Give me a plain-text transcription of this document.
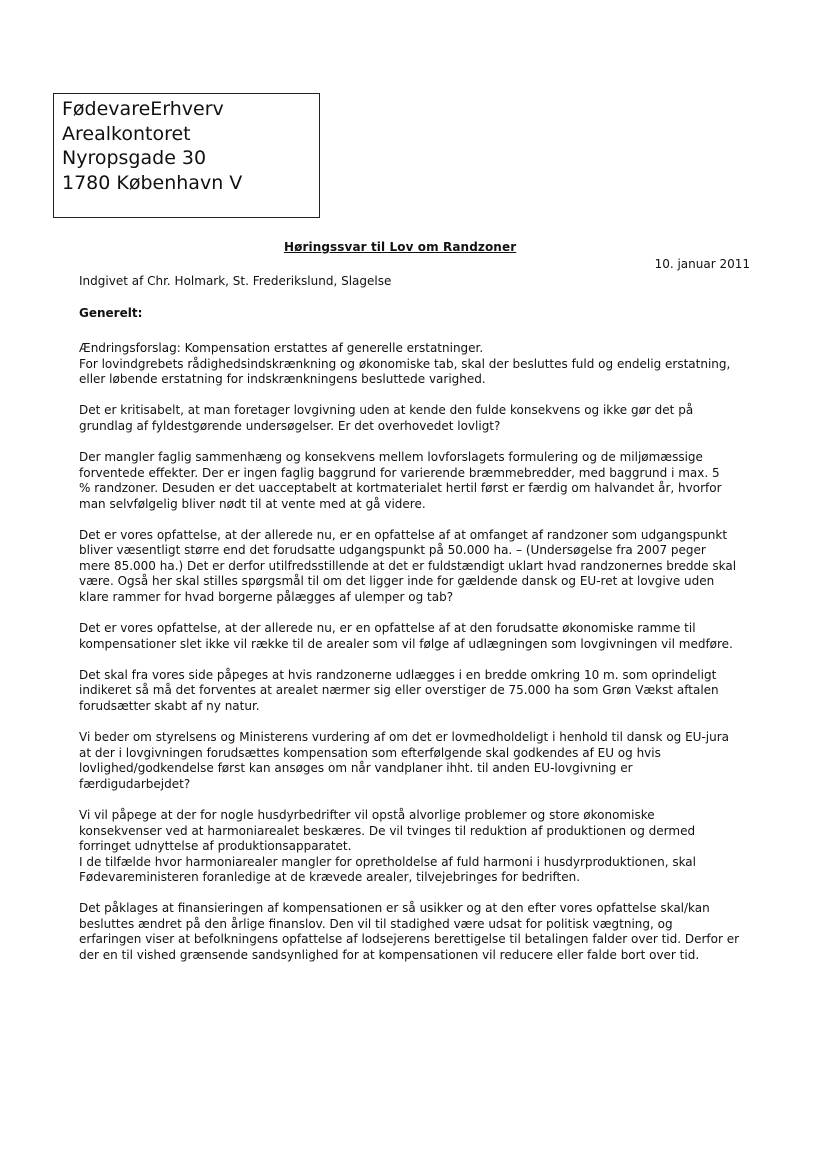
FødevareErhverv
Arealkontoret
Nyropsgade 30
1780 København V
Høringssvar til Lov om Randzoner
10. januar 2011
Indgivet af Chr. Holmark, St. Frederikslund, Slagelse
Generelt:
Ændringsforslag: Kompensation erstattes af generelle erstatninger.
For lovindgrebets rådighedsindskrænkning og økonomiske tab, skal der besluttes fuld og endelig erstatning,
eller løbende erstatning for indskrænkningens besluttede varighed.
Det er kritisabelt, at man foretager lovgivning uden at kende den fulde konsekvens og ikke gør det på
grundlag af fyldestgørende undersøgelser. Er det overhovedet lovligt?
Der mangler faglig sammenhæng og konsekvens mellem lovforslagets formulering og de miljømæssige
forventede effekter. Der er ingen faglig baggrund for varierende bræmmebredder, med baggrund i max. 5
% randzoner. Desuden er det uacceptabelt at kortmaterialet hertil først er færdig om halvandet år, hvorfor
man selvfølgelig bliver nødt til at vente med at gå videre.
Det er vores opfattelse, at der allerede nu, er en opfattelse af at omfanget af randzoner som udgangspunkt
bliver væsentligt større end det forudsatte udgangspunkt på 50.000 ha. – (Undersøgelse fra 2007 peger
mere 85.000 ha.) Det er derfor utilfredsstillende at det er fuldstændigt uklart hvad randzonernes bredde skal
være. Også her skal stilles spørgsmål til om det ligger inde for gældende dansk og EU-ret at lovgive uden
klare rammer for hvad borgerne pålægges af ulemper og tab?
Det er vores opfattelse, at der allerede nu, er en opfattelse af at den forudsatte økonomiske ramme til
kompensationer slet ikke vil række til de arealer som vil følge af udlægningen som lovgivningen vil medføre.
Det skal fra vores side påpeges at hvis randzonerne udlægges i en bredde omkring 10 m. som oprindeligt
indikeret så må det forventes at arealet nærmer sig eller overstiger de 75.000 ha som Grøn Vækst aftalen
forudsætter skabt af ny natur.
Vi beder om styrelsens og Ministerens vurdering af om det er lovmedholdeligt i henhold til dansk og EU-jura
at der i lovgivningen forudsættes kompensation som efterfølgende skal godkendes af EU og hvis
lovlighed/godkendelse først kan ansøges om når vandplaner ihht. til anden EU-lovgivning er
færdigudarbejdet?
Vi vil påpege at der for nogle husdyrbedrifter vil opstå alvorlige problemer og store økonomiske
konsekvenser ved at harmoniarealet beskæres. De vil tvinges til reduktion af produktionen og dermed
forringet udnyttelse af produktionsapparatet.
I de tilfælde hvor harmoniarealer mangler for opretholdelse af fuld harmoni i husdyrproduktionen, skal
Fødevareministeren foranledige at de krævede arealer, tilvejebringes for bedriften.
Det påklages at finansieringen af kompensationen er så usikker og at den efter vores opfattelse skal/kan
besluttes ændret på den årlige finanslov. Den vil til stadighed være udsat for politisk vægtning, og
erfaringen viser at befolkningens opfattelse af lodsejerens berettigelse til betalingen falder over tid. Derfor er
der en til vished grænsende sandsynlighed for at kompensationen vil reducere eller falde bort over tid.
